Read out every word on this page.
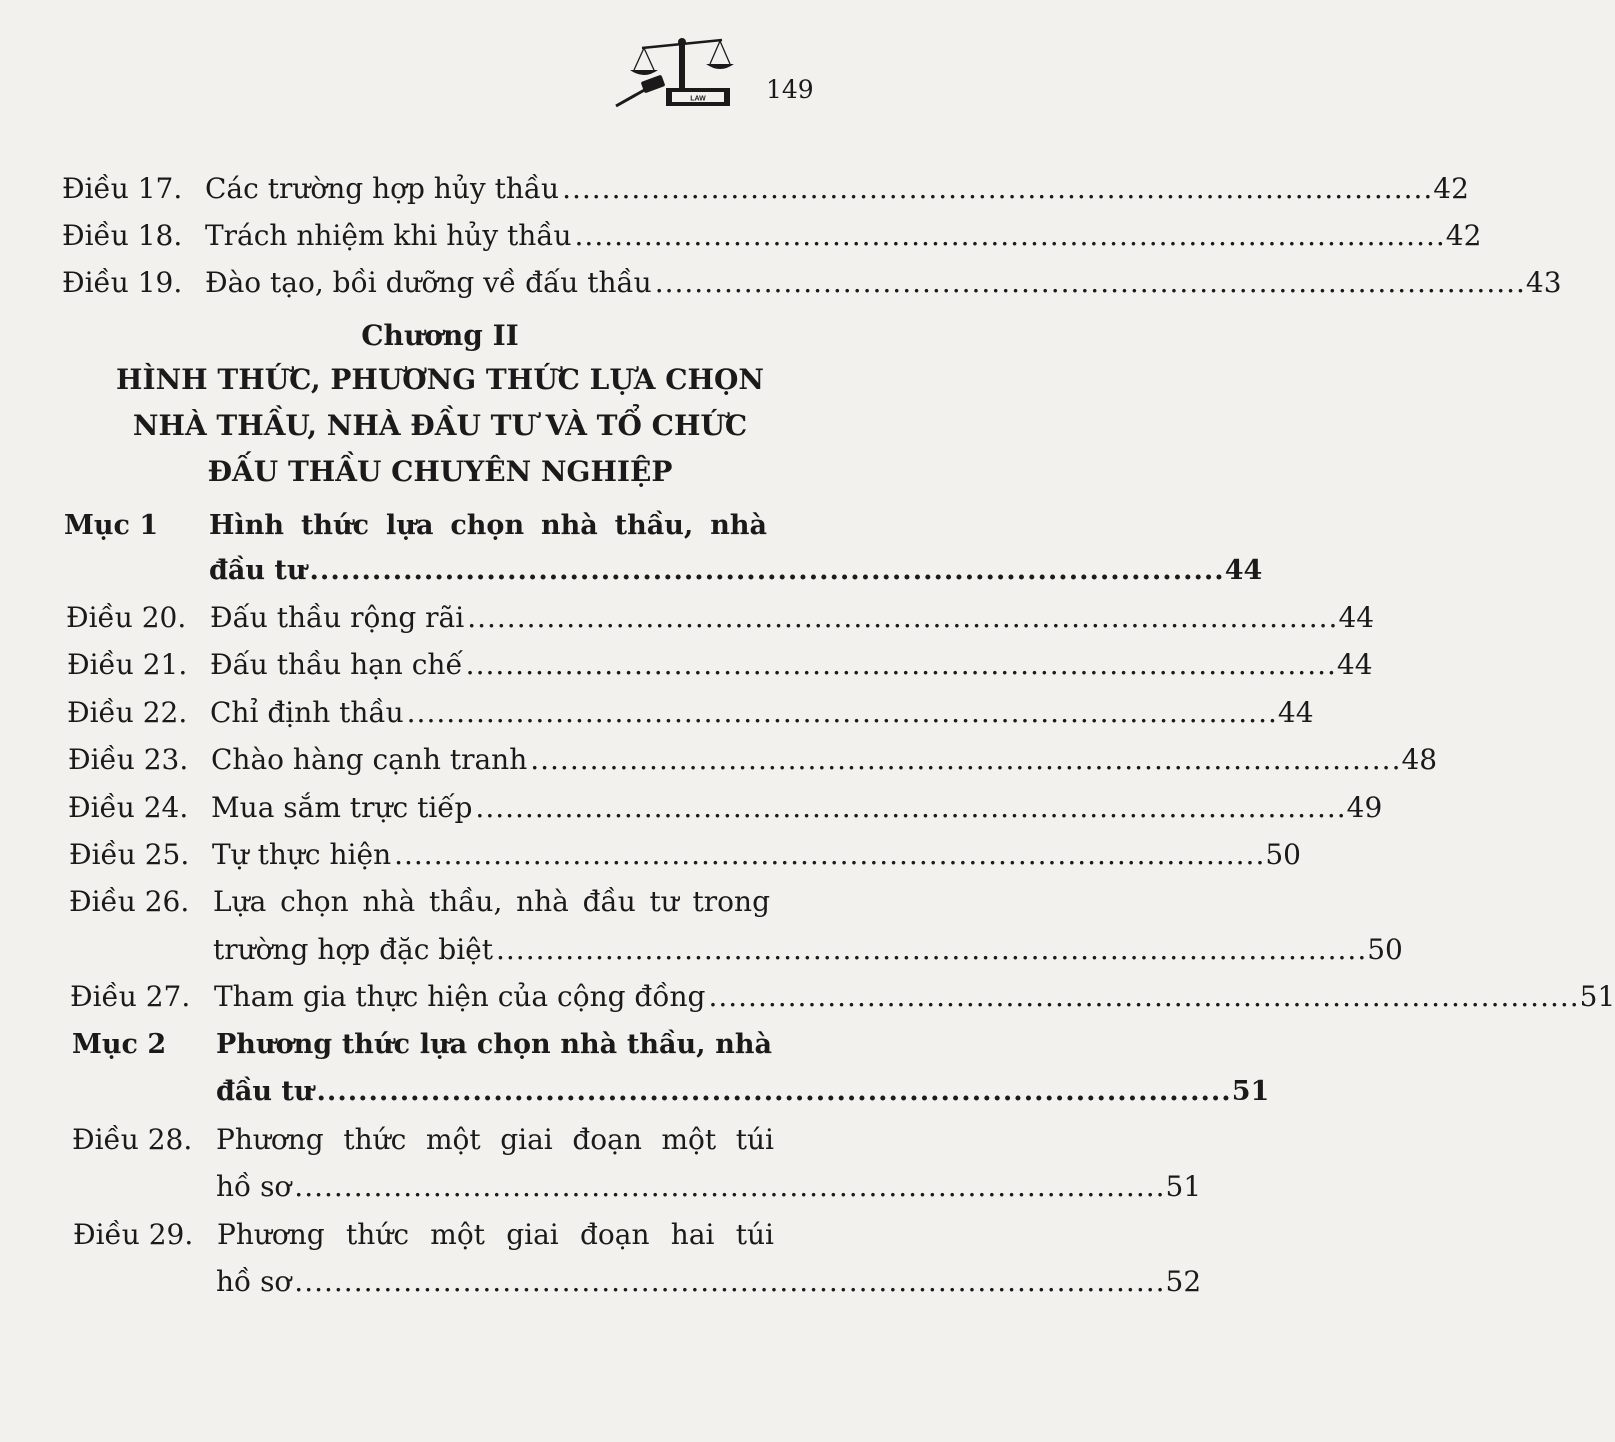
LAW 149
Điều 17. Các trường hợp hủy thầu ........................................................................................ 42
Điều 18. Trách nhiệm khi hủy thầu ........................................................................................ 42
Điều 19. Đào tạo, bồi dưỡng về đấu thầu ........................................................................................ 43
Chương II
HÌNH THỨC, PHƯƠNG THỨC LỰA CHỌN
NHÀ THẦU, NHÀ ĐẦU TƯ VÀ TỔ CHỨC
ĐẤU THẦU CHUYÊN NGHIỆP
Mục 1 Hình thức lựa chọn nhà thầu, nhà
đầu tư ........................................................................................ 44
Điều 20. Đấu thầu rộng rãi ........................................................................................ 44
Điều 21. Đấu thầu hạn chế ........................................................................................ 44
Điều 22. Chỉ định thầu ........................................................................................ 44
Điều 23. Chào hàng cạnh tranh ........................................................................................ 48
Điều 24. Mua sắm trực tiếp ........................................................................................ 49
Điều 25. Tự thực hiện ........................................................................................ 50
Điều 26. Lựa chọn nhà thầu, nhà đầu tư trong
trường hợp đặc biệt ........................................................................................ 50
Điều 27. Tham gia thực hiện của cộng đồng ........................................................................................ 51
Mục 2 Phương thức lựa chọn nhà thầu, nhà
đầu tư ........................................................................................ 51
Điều 28. Phương thức một giai đoạn một túi
hồ sơ ........................................................................................ 51
Điều 29. Phương thức một giai đoạn hai túi
hồ sơ ........................................................................................ 52
